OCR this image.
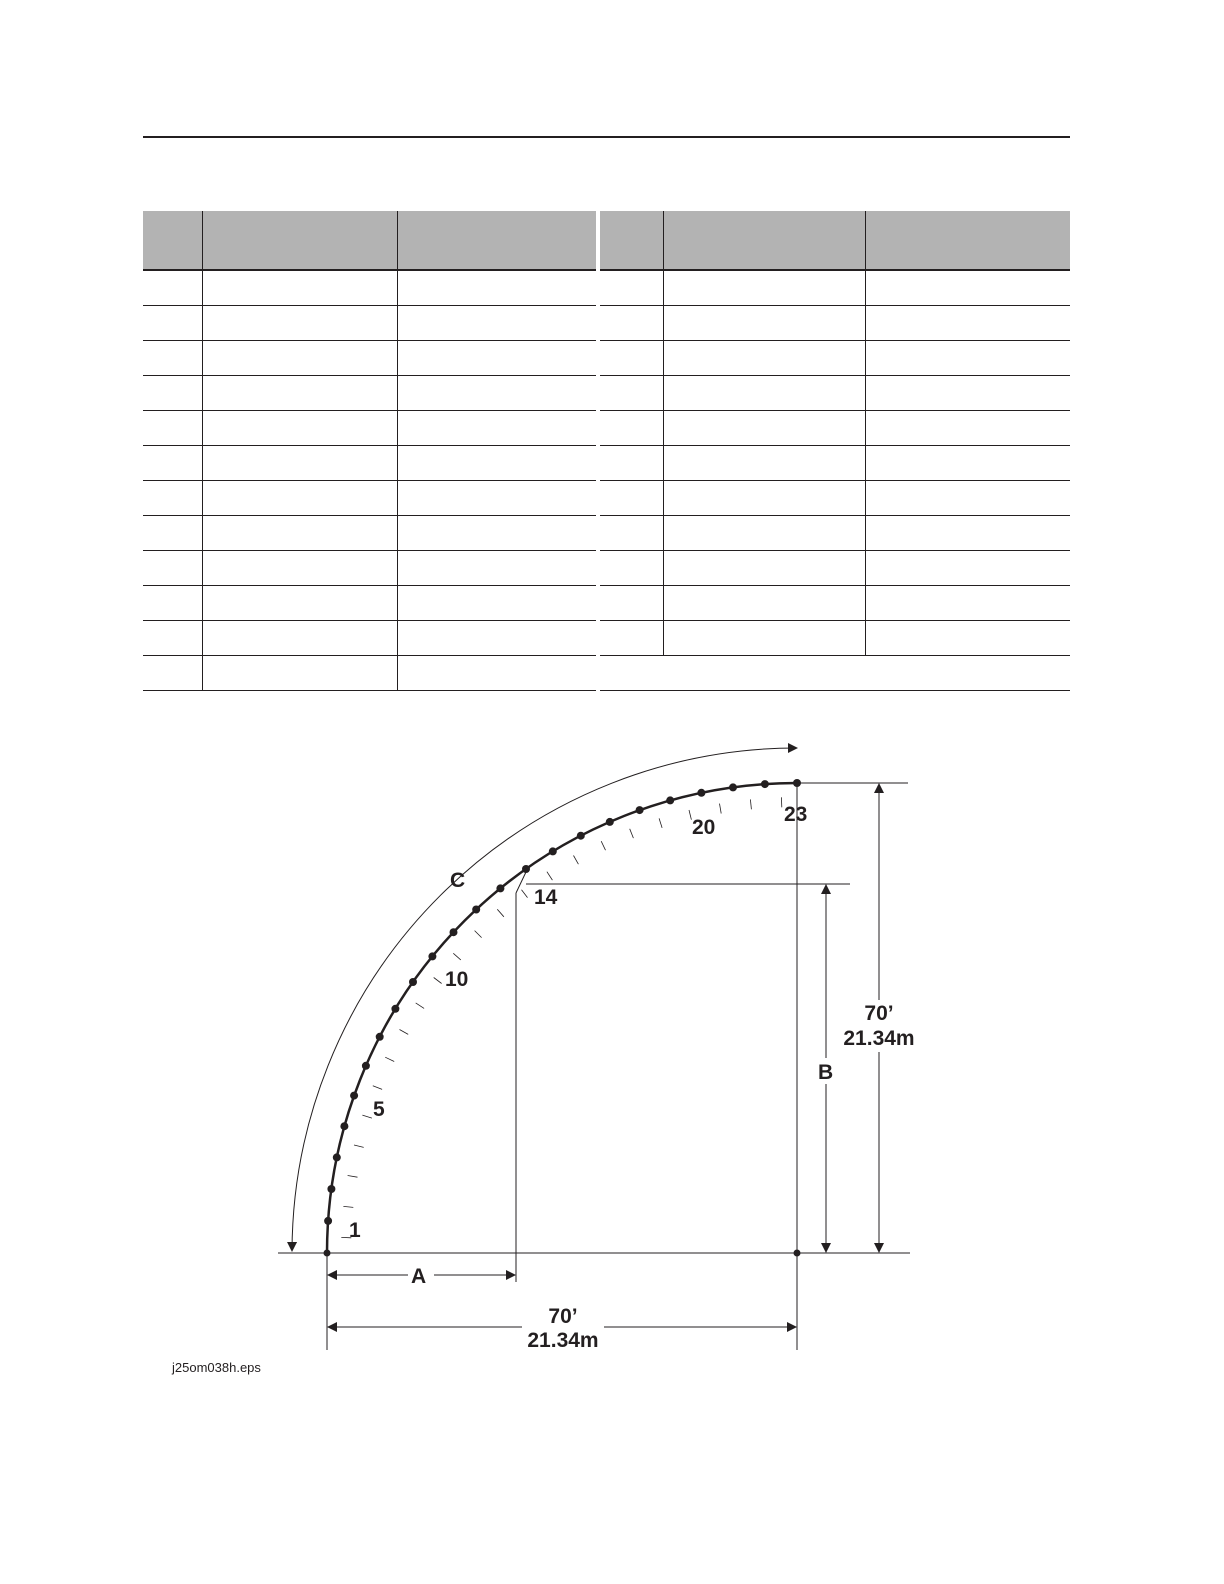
1
5
10
14
20
23
C
B
70’
21.34m
A
70’
21.34m
j25om038h.eps
